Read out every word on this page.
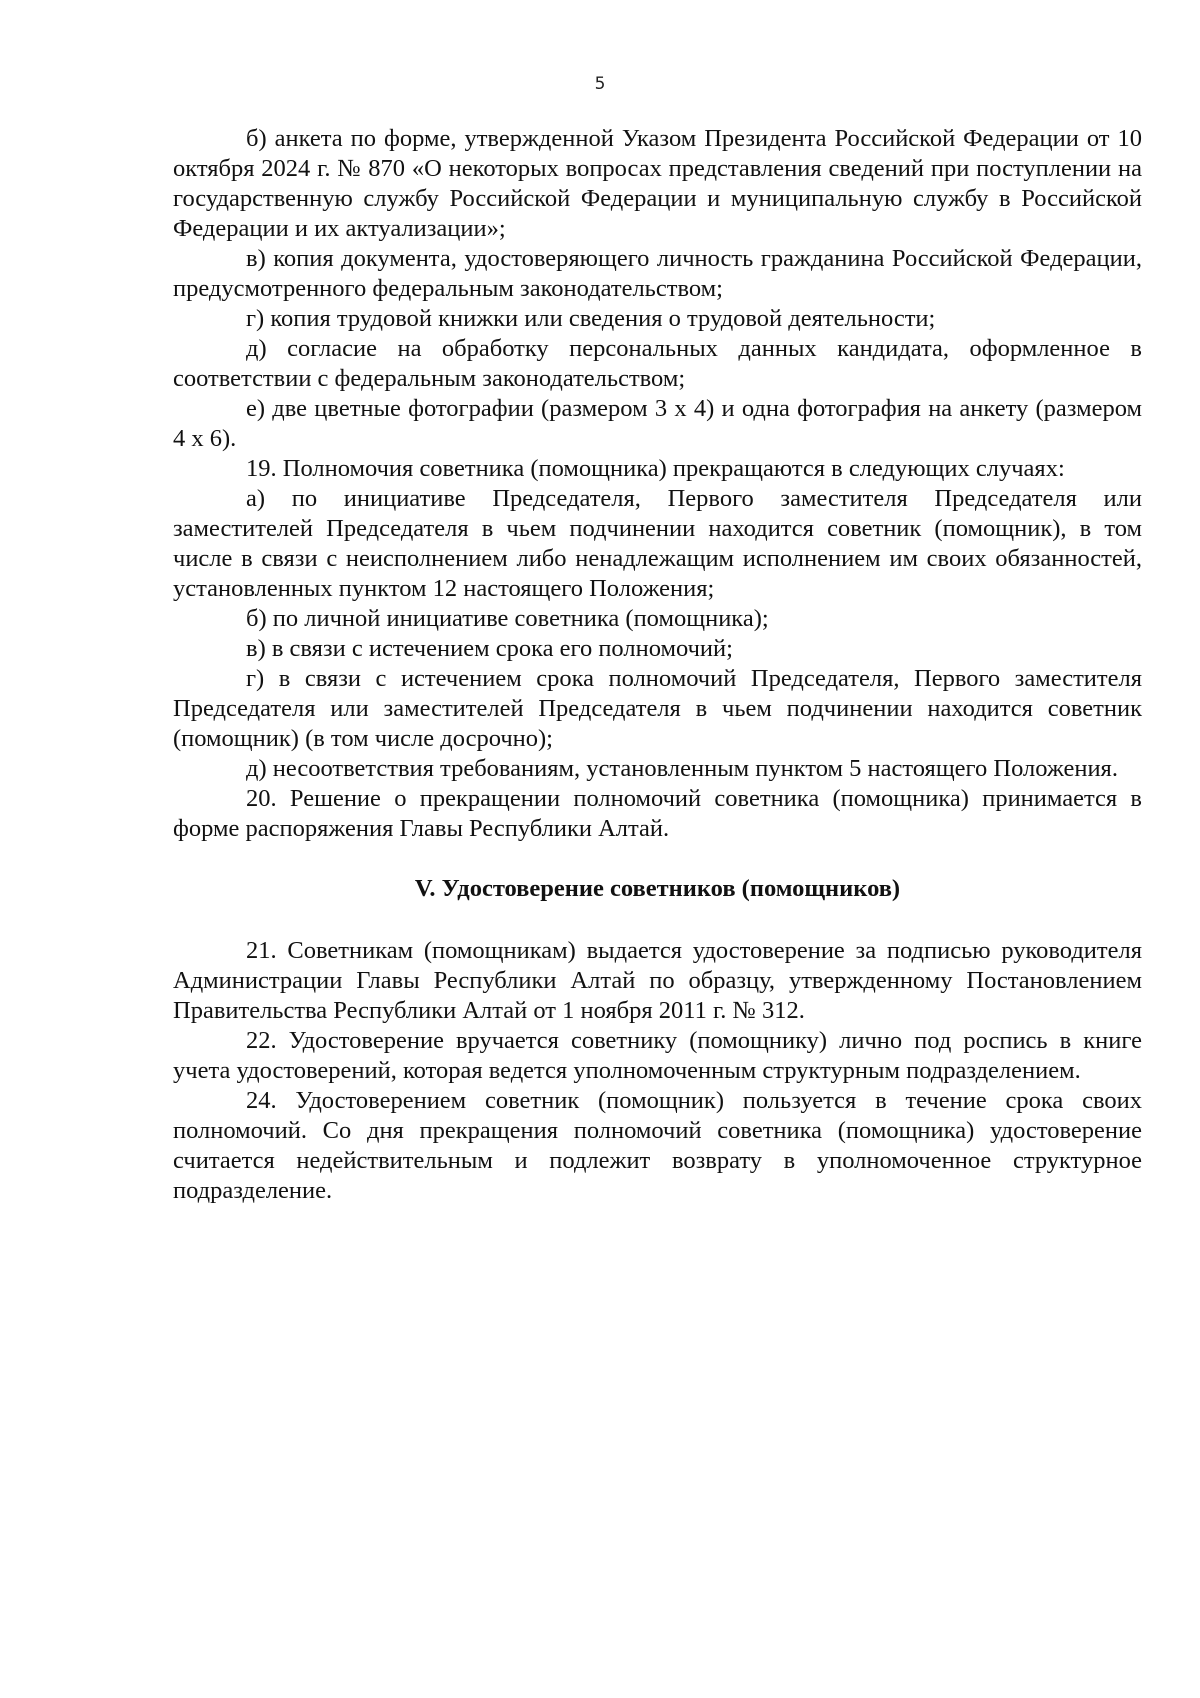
5

б) анкета по форме, утвержденной Указом Президента Российской Федерации от 10 октября 2024 г. № 870 «О некоторых вопросах представления сведений при поступлении на государственную службу Российской Федерации и муниципальную службу в Российской Федерации и их актуализации»;

в) копия документа, удостоверяющего личность гражданина Российской Федерации, предусмотренного федеральным законодательством;

г) копия трудовой книжки или сведения о трудовой деятельности;

д) согласие на обработку персональных данных кандидата, оформленное в соответствии с федеральным законодательством;

е) две цветные фотографии (размером 3 х 4) и одна фотография на анкету (размером 4 х 6).

19. Полномочия советника (помощника) прекращаются в следующих случаях:

а) по инициативе Председателя, Первого заместителя Председателя или заместителей Председателя в чьем подчинении находится советник (помощник), в том числе в связи с неисполнением либо ненадлежащим исполнением им своих обязанностей, установленных пунктом 12 настоящего Положения;

б) по личной инициативе советника (помощника);

в) в связи с истечением срока его полномочий;

г) в связи с истечением срока полномочий Председателя, Первого заместителя Председателя или заместителей Председателя в чьем подчинении находится советник (помощник) (в том числе досрочно);

д) несоответствия требованиям, установленным пунктом 5 настоящего Положения.

20. Решение о прекращении полномочий советника (помощника) принимается в форме распоряжения Главы Республики Алтай.

V. Удостоверение советников (помощников)

21. Советникам (помощникам) выдается удостоверение за подписью руководителя Администрации Главы Республики Алтай по образцу, утвержденному Постановлением Правительства Республики Алтай от 1 ноября 2011 г. № 312.

22. Удостоверение вручается советнику (помощнику) лично под роспись в книге учета удостоверений, которая ведется уполномоченным структурным подразделением.

24. Удостоверением советник (помощник) пользуется в течение срока своих полномочий. Со дня прекращения полномочий советника (помощника) удостоверение считается недействительным и подлежит возврату в уполномоченное структурное подразделение.
